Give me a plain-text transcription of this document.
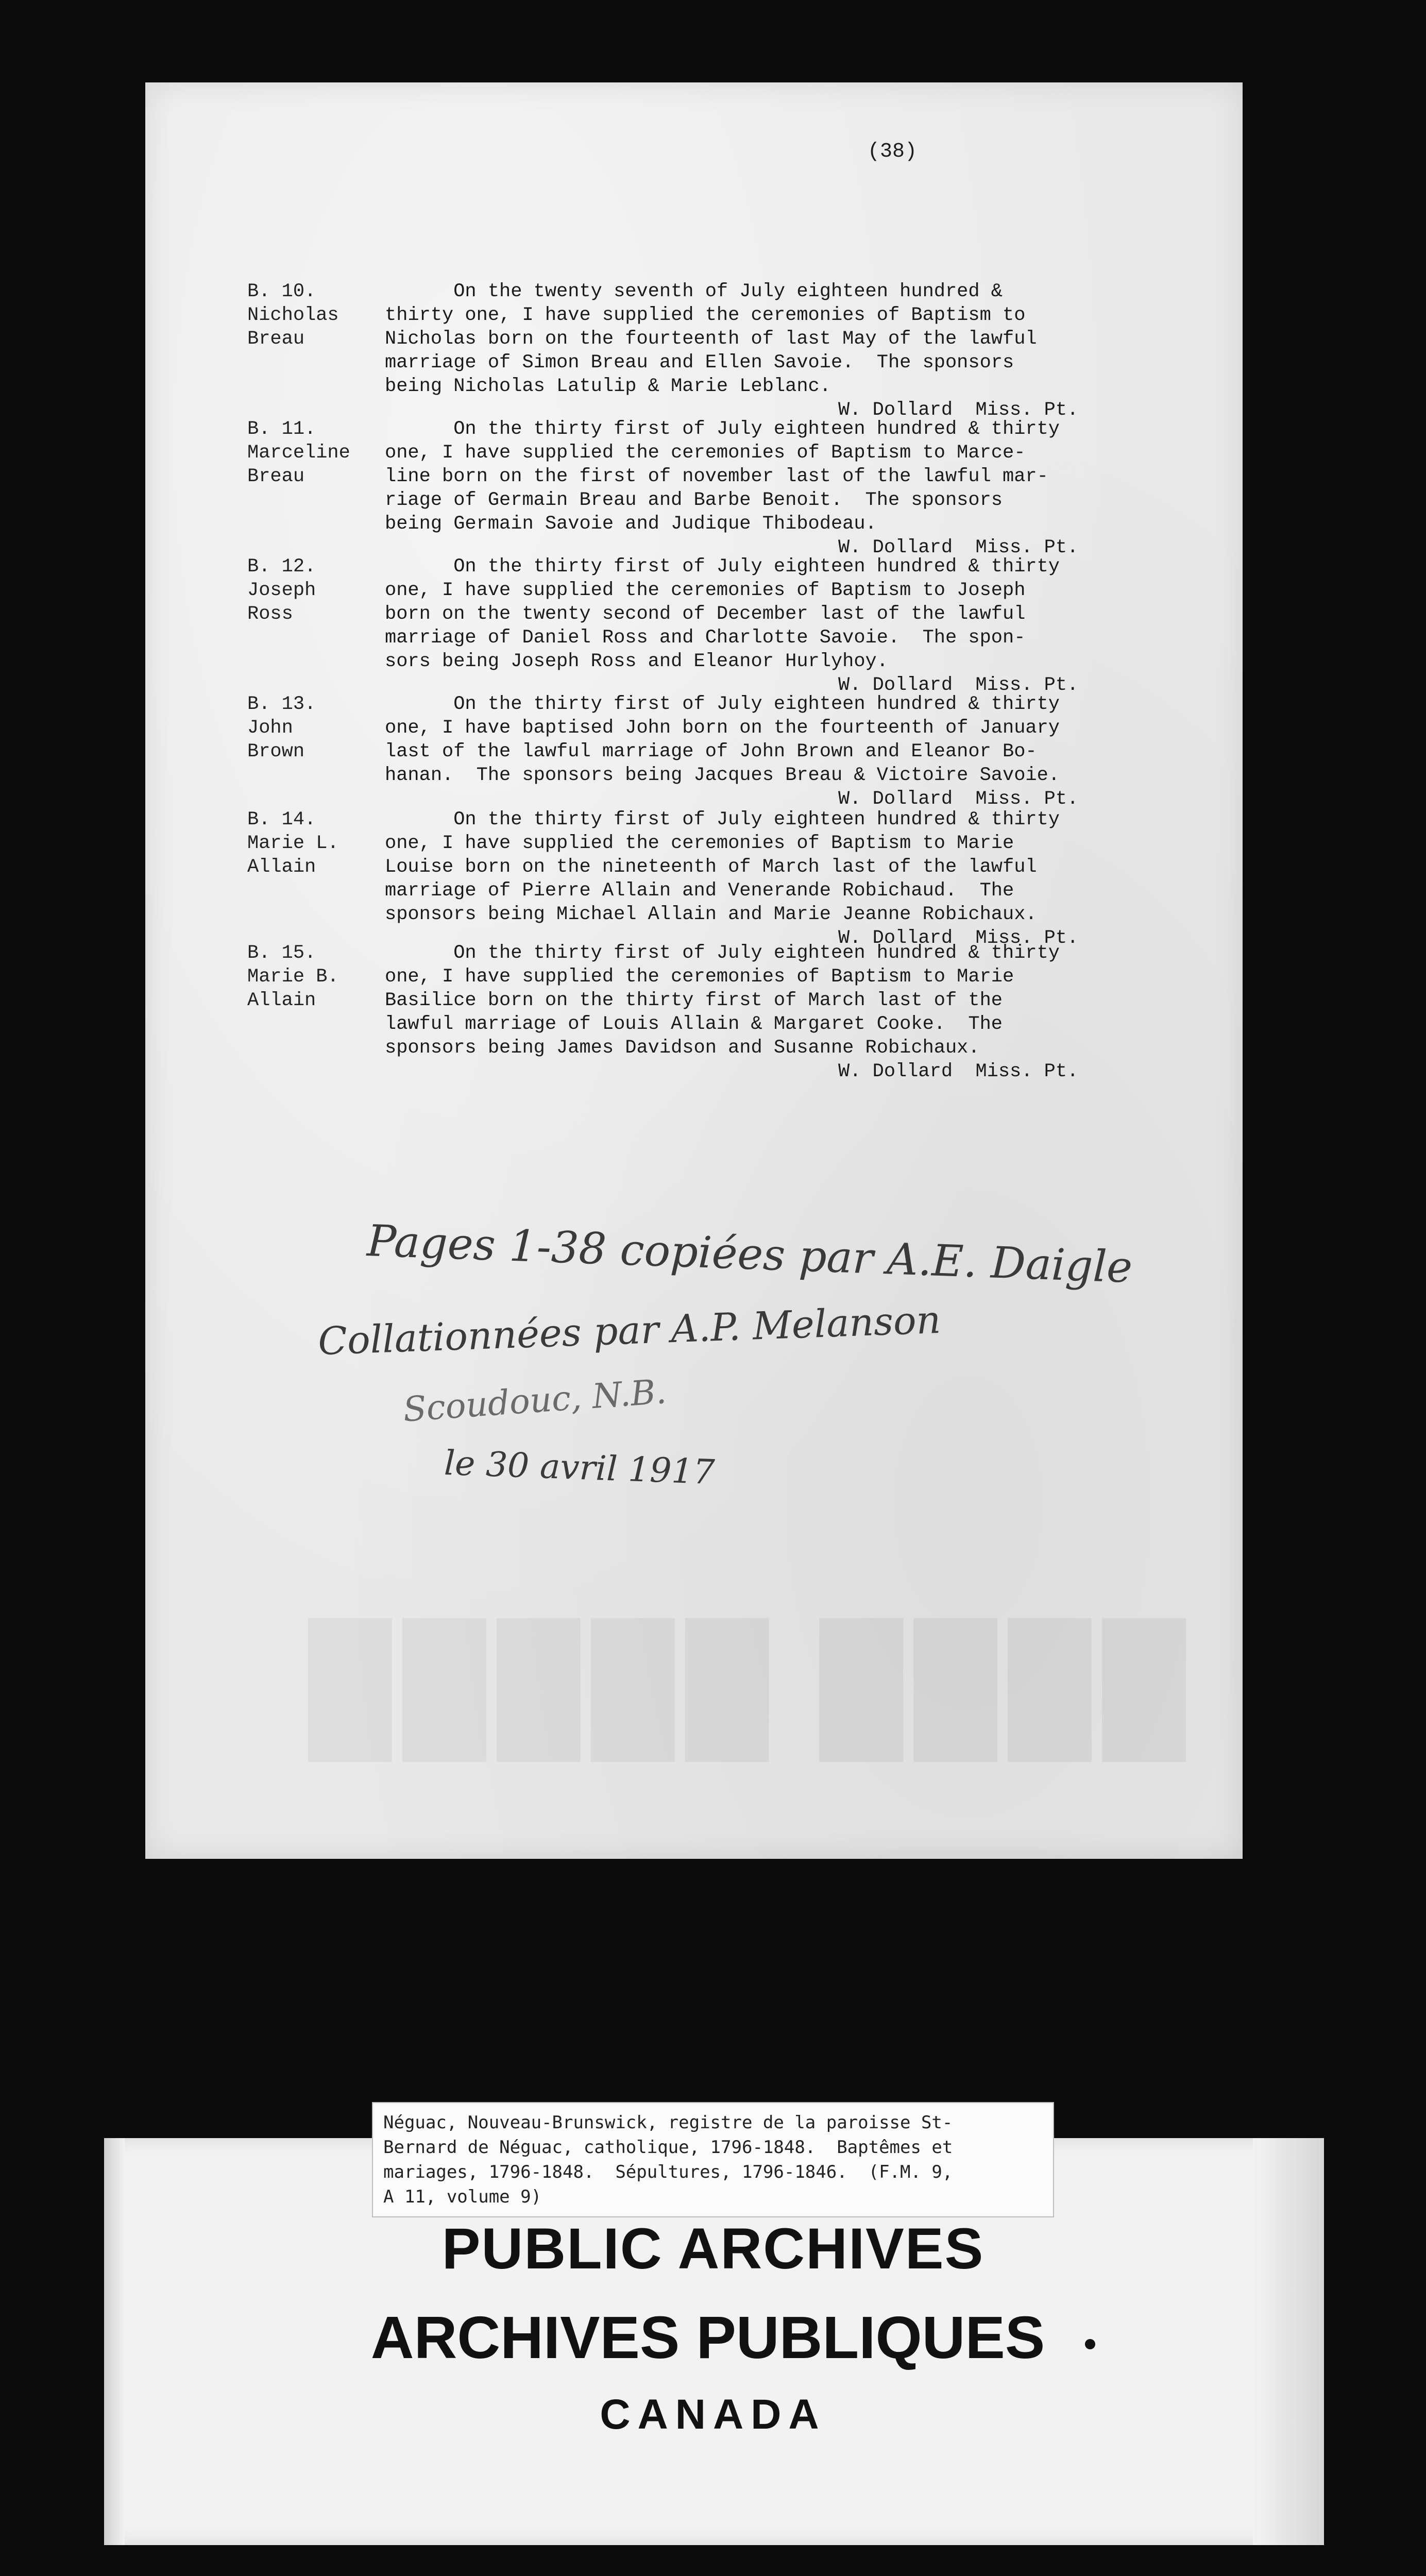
(38)
B. 10.
Nicholas
Breau
On the twenty seventh of July eighteen hundred &
thirty one, I have supplied the ceremonies of Baptism to
Nicholas born on the fourteenth of last May of the lawful
marriage of Simon Breau and Ellen Savoie.  The sponsors
being Nicholas Latulip & Marie Leblanc.
W. Dollard  Miss. Pt.
B. 11.
Marceline
Breau
On the thirty first of July eighteen hundred & thirty
one, I have supplied the ceremonies of Baptism to Marce-
line born on the first of november last of the lawful mar-
riage of Germain Breau and Barbe Benoit.  The sponsors
being Germain Savoie and Judique Thibodeau.
W. Dollard  Miss. Pt.
B. 12.
Joseph
Ross
On the thirty first of July eighteen hundred & thirty
one, I have supplied the ceremonies of Baptism to Joseph
born on the twenty second of December last of the lawful
marriage of Daniel Ross and Charlotte Savoie.  The spon-
sors being Joseph Ross and Eleanor Hurlyhoy.
W. Dollard  Miss. Pt.
B. 13.
John
Brown
On the thirty first of July eighteen hundred & thirty
one, I have baptised John born on the fourteenth of January
last of the lawful marriage of John Brown and Eleanor Bo-
hanan.  The sponsors being Jacques Breau & Victoire Savoie.
W. Dollard  Miss. Pt.
B. 14.
Marie L.
Allain
On the thirty first of July eighteen hundred & thirty
one, I have supplied the ceremonies of Baptism to Marie
Louise born on the nineteenth of March last of the lawful
marriage of Pierre Allain and Venerande Robichaud.  The
sponsors being Michael Allain and Marie Jeanne Robichaux.
W. Dollard  Miss. Pt.
B. 15.
Marie B.
Allain
On the thirty first of July eighteen hundred & thirty
one, I have supplied the ceremonies of Baptism to Marie
Basilice born on the thirty first of March last of the
lawful marriage of Louis Allain & Margaret Cooke.  The
sponsors being James Davidson and Susanne Robichaux.
W. Dollard  Miss. Pt.
Pages 1-38 copiées par A.E. Daigle
Collationnées par A.P. Melanson
Scoudouc, N.B.
le 30 avril 1917
████ █████
Néguac, Nouveau-Brunswick, registre de la paroisse St-
Bernard de Néguac, catholique, 1796-1848.  Baptêmes et
mariages, 1796-1848.  Sépultures, 1796-1846.  (F.M. 9,
A 11, volume 9)
PUBLIC ARCHIVES
ARCHIVES PUBLIQUES
CANADA
